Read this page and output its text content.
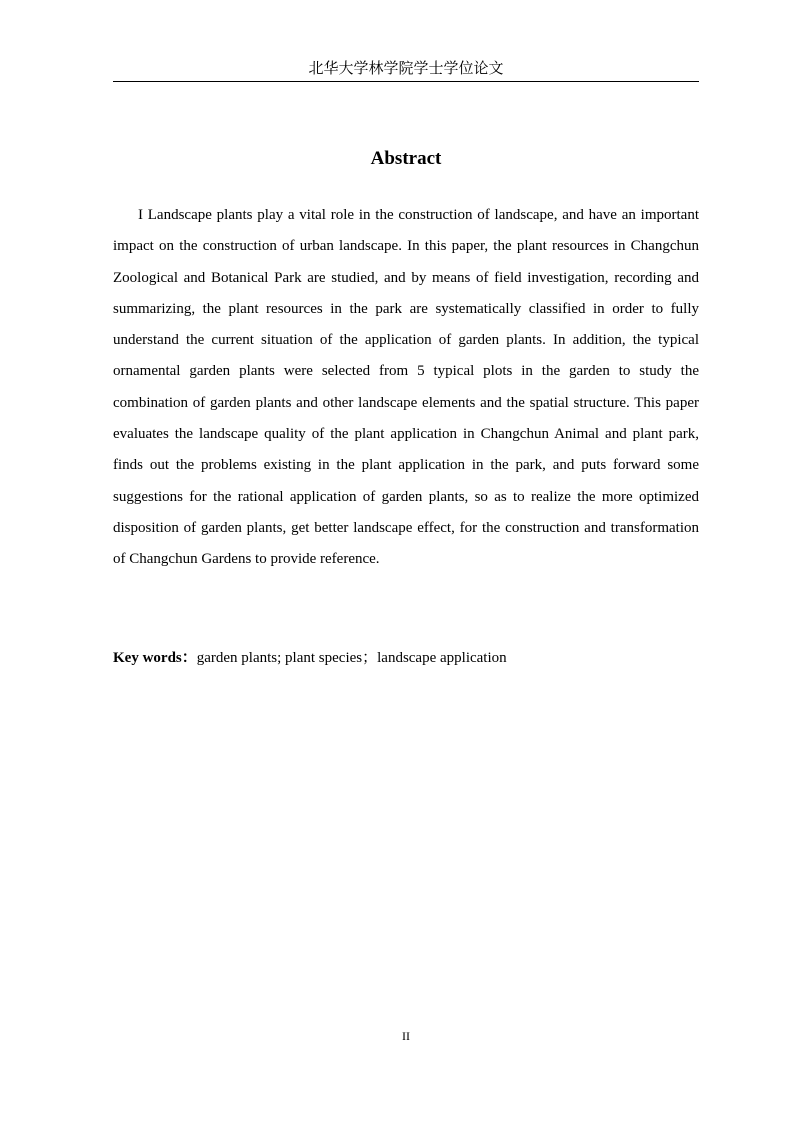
北华大学林学院学士学位论文
Abstract

I Landscape plants play a vital role in the construction of landscape, and have an important impact on the construction of urban landscape. In this paper, the plant resources in Changchun Zoological and Botanical Park are studied, and by means of field investigation, recording and summarizing, the plant resources in the park are systematically classified in order to fully understand the current situation of the application of garden plants. In addition, the typical ornamental garden plants were selected from 5 typical plots in the garden to study the combination of garden plants and other landscape elements and the spatial structure. This paper evaluates the landscape quality of the plant application in Changchun Animal and plant park, finds out the problems existing in the plant application in the park, and puts forward some suggestions for the rational application of garden plants, so as to realize the more optimized disposition of garden plants, get better landscape effect, for the construction and transformation of Changchun Gardens to provide reference.

Key words：garden plants; plant species；landscape application
II
